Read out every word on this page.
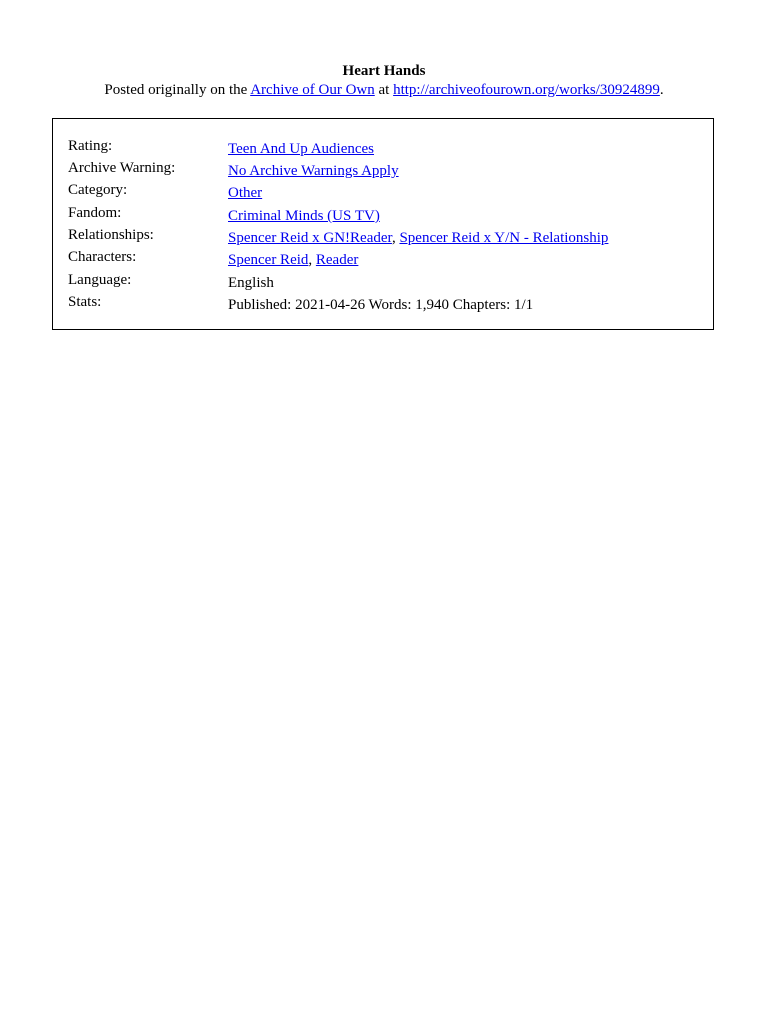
Heart Hands
Posted originally on the Archive of Our Own at http://archiveofourown.org/works/30924899.
Rating:	Teen And Up Audiences
Archive Warning:	No Archive Warnings Apply
Category:	Other
Fandom:	Criminal Minds (US TV)
Relationships:	Spencer Reid x GN!Reader, Spencer Reid x Y/N - Relationship
Characters:	Spencer Reid, Reader
Language:	English
Stats:	Published: 2021-04-26 Words: 1,940 Chapters: 1/1
